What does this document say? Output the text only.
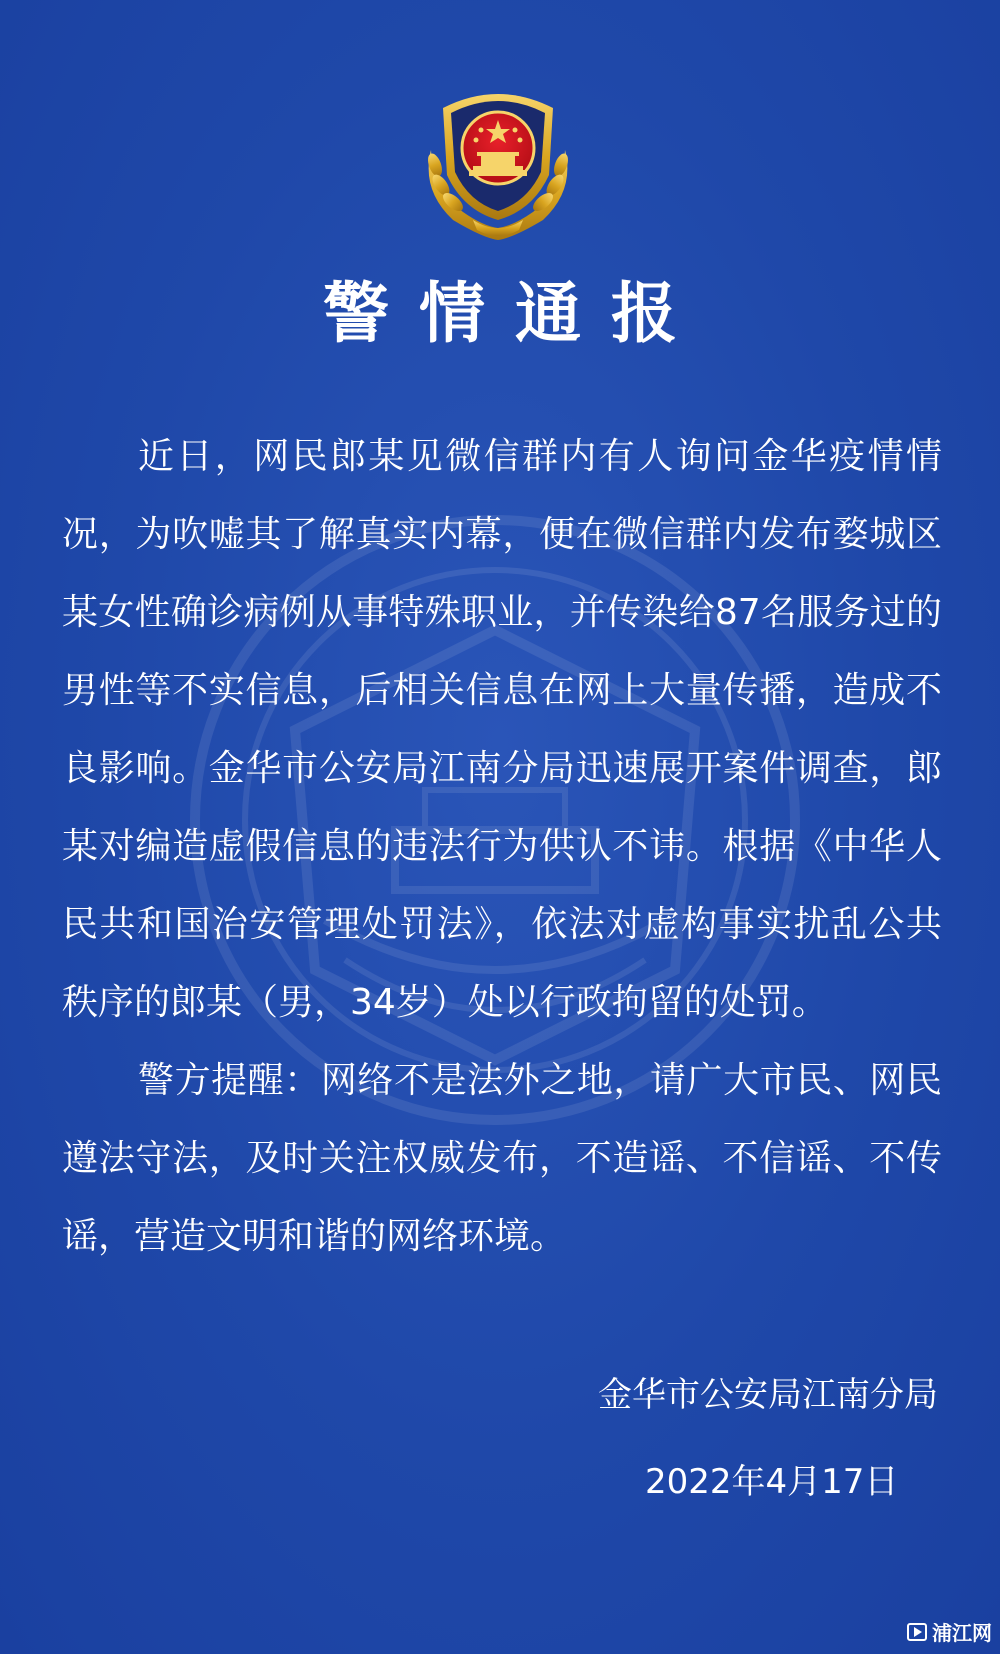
警情通报

近日，网民郎某见微信群内有人询问金华疫情情况，为吹嘘其了解真实内幕，便在微信群内发布婺城区某女性确诊病例从事特殊职业，并传染给87名服务过的男性等不实信息，后相关信息在网上大量传播，造成不良影响。金华市公安局江南分局迅速展开案件调查，郎某对编造虚假信息的违法行为供认不讳。根据《中华人民共和国治安管理处罚法》，依法对虚构事实扰乱公共秩序的郎某（男，34岁）处以行政拘留的处罚。

警方提醒：网络不是法外之地，请广大市民、网民遵法守法，及时关注权威发布，不造谣、不信谣、不传谣，营造文明和谐的网络环境。

金华市公安局江南分局
2022年4月17日
浦江网
